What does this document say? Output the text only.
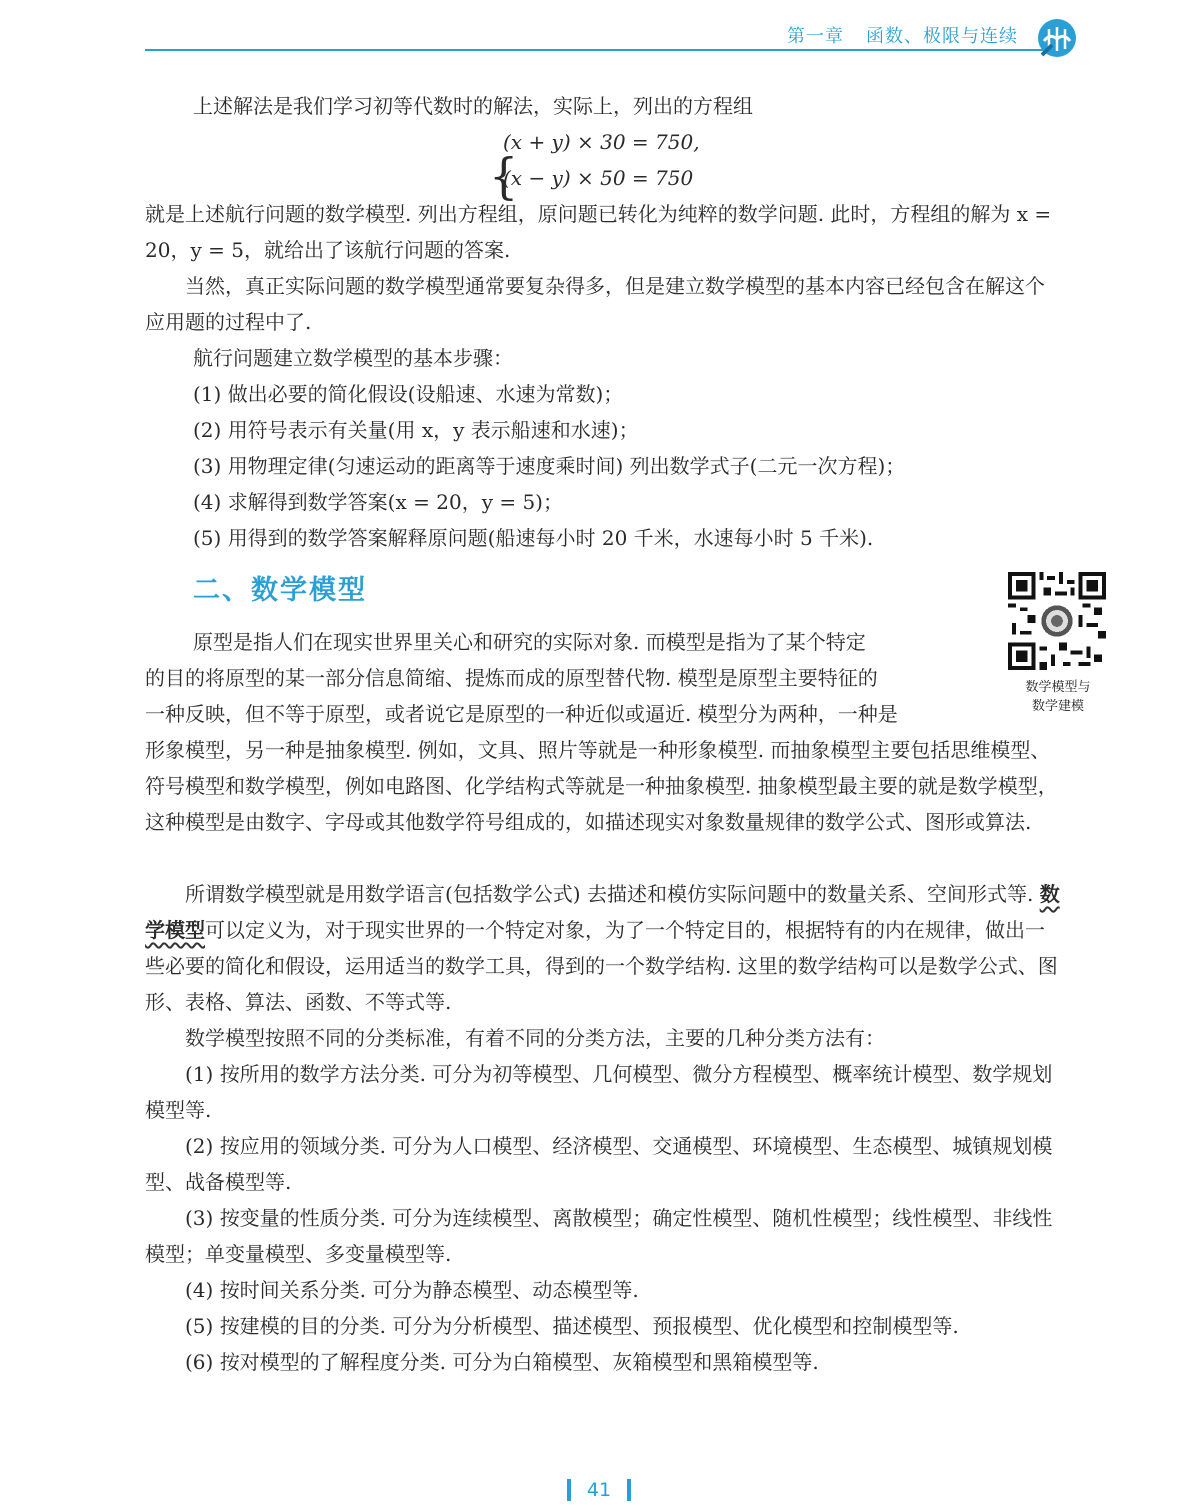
第一章 函数、极限与连续
上述解法是我们学习初等代数时的解法，实际上，列出的方程组
{
(x + y) × 30 = 750,
(x − y) × 50 = 750

就是上述航行问题的数学模型. 列出方程组，原问题已转化为纯粹的数学问题. 此时，方程组的解为 x = 20，y = 5，就给出了该航行问题的答案.

当然，真正实际问题的数学模型通常要复杂得多，但是建立数学模型的基本内容已经包含在解这个应用题的过程中了.

航行问题建立数学模型的基本步骤：
(1) 做出必要的简化假设(设船速、水速为常数)；
(2) 用符号表示有关量(用 x，y 表示船速和水速)；
(3) 用物理定律(匀速运动的距离等于速度乘时间) 列出数学式子(二元一次方程)；
(4) 求解得到数学答案(x = 20，y = 5)；
(5) 用得到的数学答案解释原问题(船速每小时 20 千米，水速每小时 5 千米).
二、数学模型
数学模型与
数学建模
原型是指人们在现实世界里关心和研究的实际对象. 而模型是指为了某个特定
的目的将原型的某一部分信息简缩、提炼而成的原型替代物. 模型是原型主要特征的
一种反映，但不等于原型，或者说它是原型的一种近似或逼近. 模型分为两种，一种是

形象模型，另一种是抽象模型. 例如，文具、照片等就是一种形象模型. 而抽象模型主要包括思维模型、符号模型和数学模型，例如电路图、化学结构式等就是一种抽象模型. 抽象模型最主要的就是数学模型，这种模型是由数字、字母或其他数学符号组成的，如描述现实对象数量规律的数学公式、图形或算法.

所谓数学模型就是用数学语言(包括数学公式) 去描述和模仿实际问题中的数量关系、空间形式等. 数学模型可以定义为，对于现实世界的一个特定对象，为了一个特定目的，根据特有的内在规律，做出一些必要的简化和假设，运用适当的数学工具，得到的一个数学结构. 这里的数学结构可以是数学公式、图形、表格、算法、函数、不等式等.

数学模型按照不同的分类标准，有着不同的分类方法，主要的几种分类方法有：

(1) 按所用的数学方法分类. 可分为初等模型、几何模型、微分方程模型、概率统计模型、数学规划模型等.

(2) 按应用的领域分类. 可分为人口模型、经济模型、交通模型、环境模型、生态模型、城镇规划模型、战备模型等.

(3) 按变量的性质分类. 可分为连续模型、离散模型；确定性模型、随机性模型；线性模型、非线性模型；单变量模型、多变量模型等.

(4) 按时间关系分类. 可分为静态模型、动态模型等.

(5) 按建模的目的分类. 可分为分析模型、描述模型、预报模型、优化模型和控制模型等.

(6) 按对模型的了解程度分类. 可分为白箱模型、灰箱模型和黑箱模型等.

41
